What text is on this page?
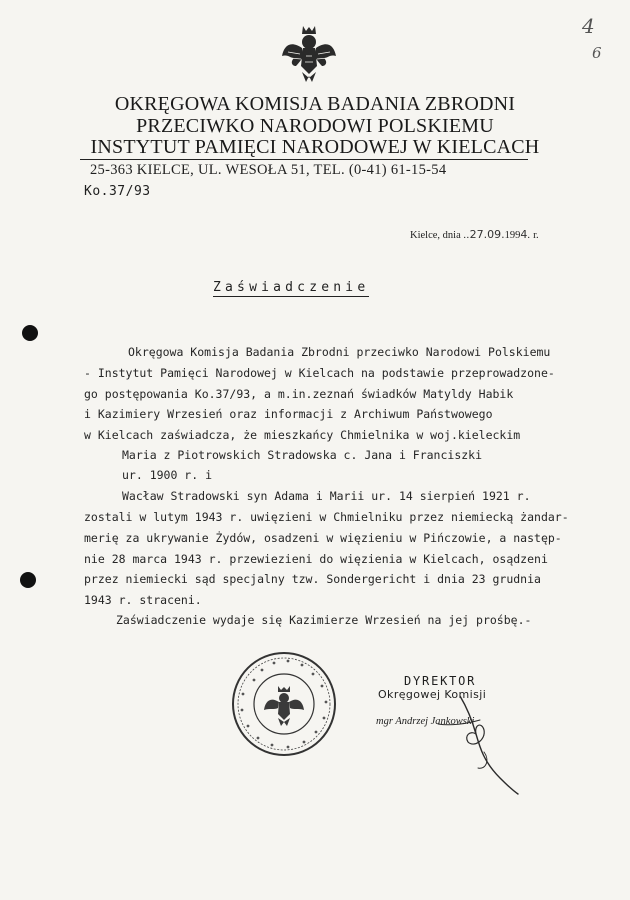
4
6
OKRĘGOWA KOMISJA BADANIA ZBRODNI
PRZECIWKO NARODOWI POLSKIEMU
INSTYTUT PAMIĘCI NARODOWEJ W KIELCACH
25-363 KIELCE, UL. WESOŁA 51, TEL. (0-41) 61-15-54
Ko.37/93
Kielce, dnia ..27.09.1994. r.
Zaświadczenie
Okręgowa Komisja Badania Zbrodni przeciwko Narodowi Polskiemu
- Instytut Pamięci Narodowej w Kielcach na podstawie przeprowadzone-
go postępowania Ko.37/93, a m.in.zeznań świadków Matyldy Habik
i Kazimiery Wrzesień oraz informacji z Archiwum Państwowego
w Kielcach zaświadcza, że mieszkańcy Chmielnika w woj.kieleckim
Maria z Piotrowskich Stradowska c. Jana i Franciszki
ur. 1900 r. i
Wacław Stradowski syn Adama i Marii ur. 14 sierpień 1921 r.
zostali w lutym 1943 r. uwięzieni w Chmielniku przez niemiecką żandar-
merię za ukrywanie Żydów, osadzeni w więzieniu w Pińczowie, a następ-
nie 28 marca 1943 r. przewiezieni do więzienia w Kielcach, osądzeni
przez niemiecki sąd specjalny tzw. Sondergericht i dnia 23 grudnia
1943 r. straceni.
Zaświadczenie wydaje się Kazimierze Wrzesień na jej prośbę.-
DYREKTOR
Okręgowej Komisji
mgr Andrzej Jankowski
